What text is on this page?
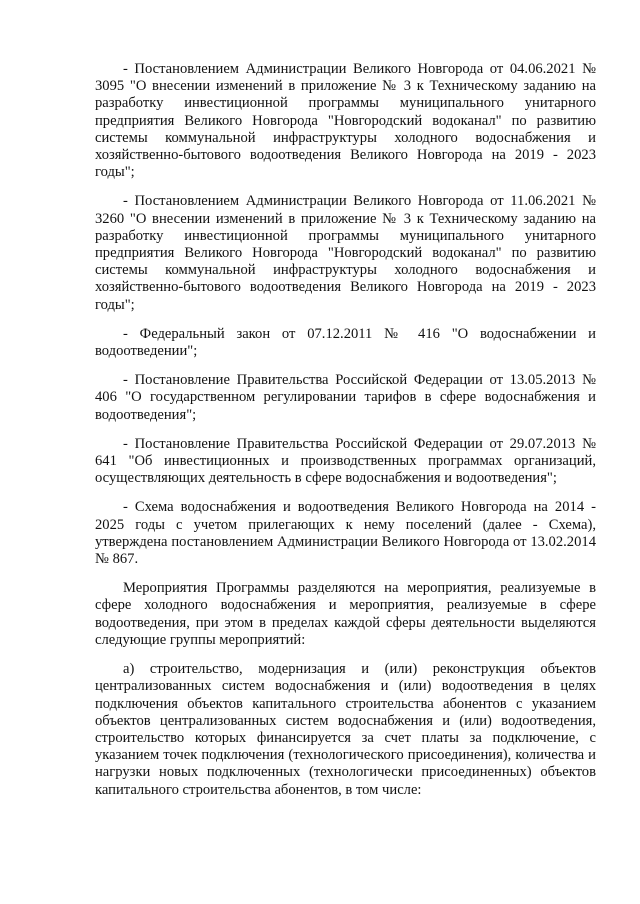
- Постановлением Администрации Великого Новгорода от 04.06.2021 № 3095 "О внесении изменений в приложение № 3 к Техническому заданию на разработку инвестиционной программы муниципального унитарного предприятия Великого Новгорода "Новгородский водоканал" по развитию системы коммунальной инфраструктуры холодного водоснабжения и хозяйственно-бытового водоотведения Великого Новгорода на 2019 - 2023 годы";

- Постановлением Администрации Великого Новгорода от 11.06.2021 № 3260 "О внесении изменений в приложение № 3 к Техническому заданию на разработку инвестиционной программы муниципального унитарного предприятия Великого Новгорода "Новгородский водоканал" по развитию системы коммунальной инфраструктуры холодного водоснабжения и хозяйственно-бытового водоотведения Великого Новгорода на 2019 - 2023 годы";

- Федеральный закон от 07.12.2011 № 416 "О водоснабжении и водоотведении";

- Постановление Правительства Российской Федерации от 13.05.2013 № 406 "О государственном регулировании тарифов в сфере водоснабжения и водоотведения";

- Постановление Правительства Российской Федерации от 29.07.2013 № 641 "Об инвестиционных и производственных программах организаций, осуществляющих деятельность в сфере водоснабжения и водоотведения";

- Схема водоснабжения и водоотведения Великого Новгорода на 2014 - 2025 годы с учетом прилегающих к нему поселений (далее - Схема), утверждена постановлением Администрации Великого Новгорода от 13.02.2014 № 867.

Мероприятия Программы разделяются на мероприятия, реализуемые в сфере холодного водоснабжения и мероприятия, реализуемые в сфере водоотведения, при этом в пределах каждой сферы деятельности выделяются следующие группы мероприятий:

а) строительство, модернизация и (или) реконструкция объектов централизованных систем водоснабжения и (или) водоотведения в целях подключения объектов капитального строительства абонентов с указанием объектов централизованных систем водоснабжения и (или) водоотведения, строительство которых финансируется за счет платы за подключение, с указанием точек подключения (технологического присоединения), количества и нагрузки новых подключенных (технологически присоединенных) объектов капитального строительства абонентов, в том числе:
